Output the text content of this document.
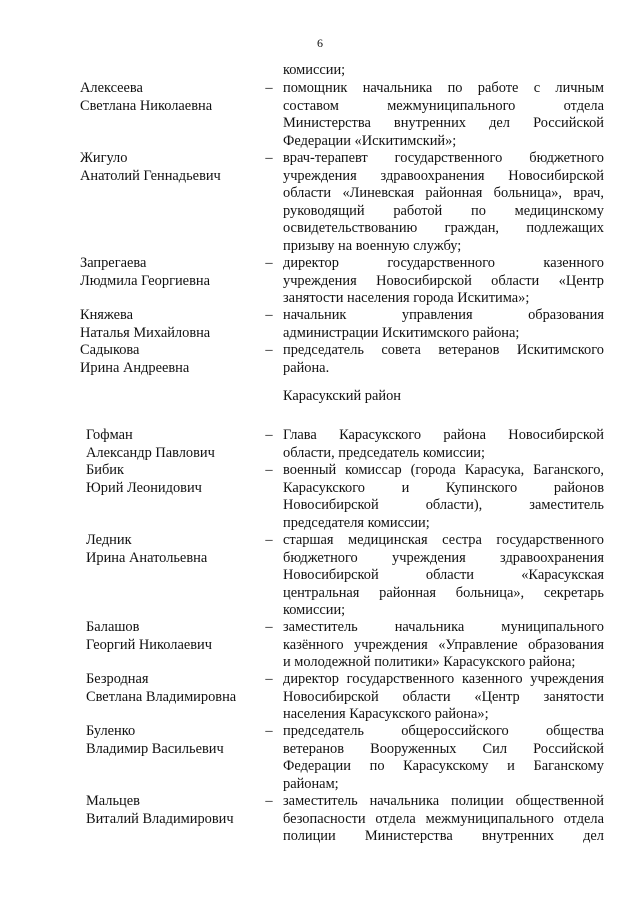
6
комиссии;
Алексеева
Светлана Николаевна
– помощник начальника по работе с личным
составом межмуниципального отдела
Министерства внутренних дел Российской
Федерации «Искитимский»;
Жигуло
Анатолий Геннадьевич
– врач-терапевт государственного бюджетного
учреждения здравоохранения Новосибирской
области «Линевская районная больница», врач,
руководящий работой по медицинскому
освидетельствованию граждан, подлежащих
призыву на военную службу;
Запрегаева
Людмила Георгиевна
– директор государственного казенного
учреждения Новосибирской области «Центр
занятости населения города Искитима»;
Княжева
Наталья Михайловна
– начальник управления образования
администрации Искитимского района;
Садыкова
Ирина Андреевна
– председатель совета ветеранов Искитимского
района.
Карасукский район
Гофман
Александр Павлович
– Глава Карасукского района Новосибирской
области, председатель комиссии;
Бибик
Юрий Леонидович
– военный комиссар (города Карасука, Баганского,
Карасукского и Купинского районов
Новосибирской области), заместитель
председателя комиссии;
Ледник
Ирина Анатольевна
– старшая медицинская сестра государственного
бюджетного учреждения здравоохранения
Новосибирской области «Карасукская
центральная районная больница», секретарь
комиссии;
Балашов
Георгий Николаевич
– заместитель начальника муниципального
казённого учреждения «Управление образования
и молодежной политики» Карасукского района;
Безродная
Светлана Владимировна
– директор государственного казенного учреждения
Новосибирской области «Центр занятости
населения Карасукского района»;
Буленко
Владимир Васильевич
– председатель общероссийского общества
ветеранов Вооруженных Сил Российской
Федерации по Карасукскому и Баганскому
районам;
Мальцев
Виталий Владимирович
– заместитель начальника полиции общественной
безопасности отдела межмуниципального отдела
полиции Министерства внутренних дел
